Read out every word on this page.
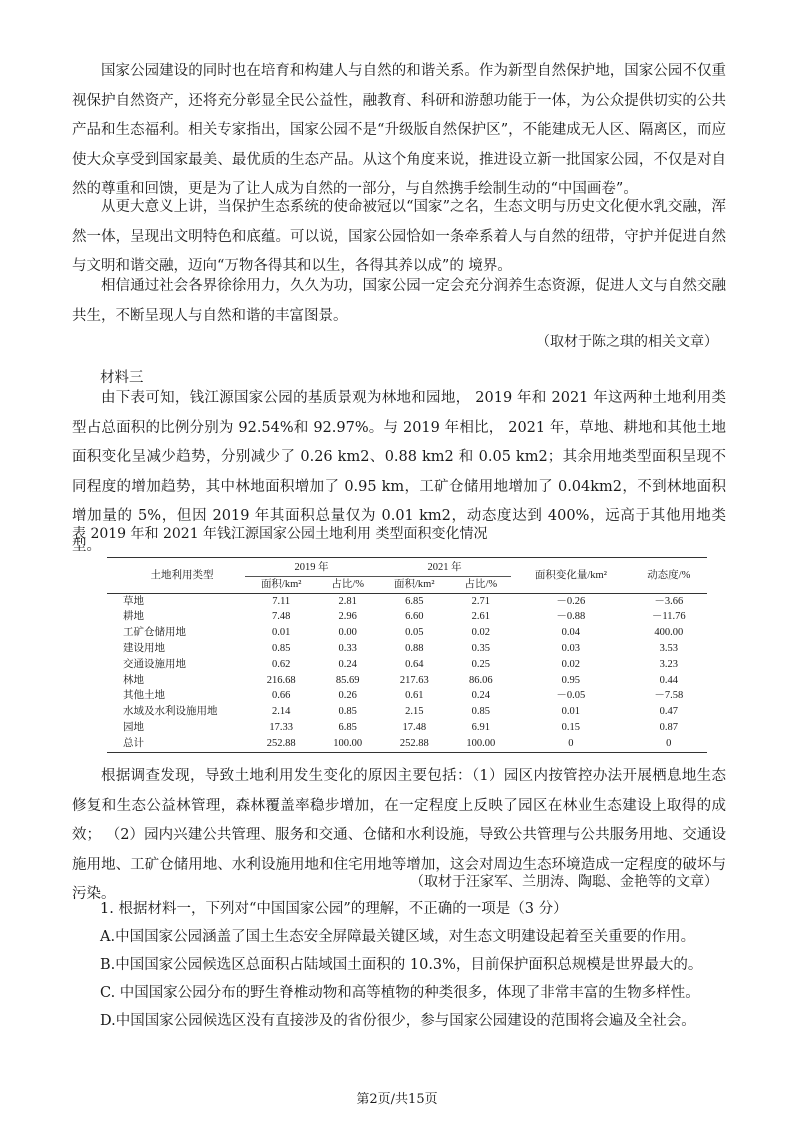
国家公园建设的同时也在培育和构建人与自然的和谐关系。作为新型自然保护地，国家公园不仅重视保护自然资产，还将充分彰显全民公益性，融教育、科研和游憩功能于一体，为公众提供切实的公共产品和生态福利。相关专家指出，国家公园不是“升级版自然保护区”，不能建成无人区、隔离区，而应使大众享受到国家最美、最优质的生态产品。从这个角度来说，推进设立新一批国家公园，不仅是对自然的尊重和回馈，更是为了让人成为自然的一部分，与自然携手绘制生动的“中国画卷”。

从更大意义上讲，当保护生态系统的使命被冠以“国家”之名，生态文明与历史文化便水乳交融，浑然一体，呈现出文明特色和底蕴。可以说，国家公园恰如一条牵系着人与自然的纽带，守护并促进自然与文明和谐交融，迈向“万物各得其和以生，各得其养以成”的 境界。

相信通过社会各界徐徐用力，久久为功，国家公园一定会充分润养生态资源，促进人文与自然交融共生，不断呈现人与自然和谐的丰富图景。

（取材于陈之琪的相关文章）
材料三

由下表可知，钱江源国家公园的基质景观为林地和园地， 2019 年和 2021 年这两种土地利用类型占总面积的比例分别为 92.54%和 92.97%。与 2019 年相比， 2021 年，草地、耕地和其他土地面积变化呈减少趋势，分别减少了 0.26 km2、0.88 km2 和 0.05 km2；其余用地类型面积呈现不同程度的增加趋势，其中林地面积增加了 0.95 km，工矿仓储用地增加了 0.04km2，不到林地面积增加量的 5%，但因 2019 年其面积总量仅为 0.01 km2，动态度达到 400%，远高于其他用地类型。

表 2019 年和 2021 年钱江源国家公园土地利用 类型面积变化情况
土地利用类型	2019 年		2021 年		面积变化量/km²	动态度/%
	面积/km²	占比/%	面积/km²	占比/%		
草地	7.11	2.81	6.85	2.71	－0.26	－3.66
耕地	7.48	2.96	6.60	2.61	－0.88	－11.76
工矿仓储用地	0.01	0.00	0.05	0.02	0.04	400.00
建设用地	0.85	0.33	0.88	0.35	0.03	3.53
交通设施用地	0.62	0.24	0.64	0.25	0.02	3.23
林地	216.68	85.69	217.63	86.06	0.95	0.44
其他土地	0.66	0.26	0.61	0.24	－0.05	－7.58
水域及水利设施用地	2.14	0.85	2.15	0.85	0.01	0.47
园地	17.33	6.85	17.48	6.91	0.15	0.87
总计	252.88	100.00	252.88	100.00	0	0

根据调查发现，导致土地利用发生变化的原因主要包括：（1）园区内按管控办法开展栖息地生态修复和生态公益林管理，森林覆盖率稳步增加，在一定程度上反映了园区在林业生态建设上取得的成效； （2）园内兴建公共管理、服务和交通、仓储和水利设施，导致公共管理与公共服务用地、交通设施用地、工矿仓储用地、水利设施用地和住宅用地等增加，这会对周边生态环境造成一定程度的破坏与污染。

（取材于汪家军、兰朋涛、陶聪、金艳等的文章）
1. 根据材料一，下列对“中国国家公园”的理解，不正确的一项是（3 分）
A.中国国家公园涵盖了国土生态安全屏障最关键区域，对生态文明建设起着至关重要的作用。
B.中国国家公园候选区总面积占陆域国土面积的 10.3%，目前保护面积总规模是世界最大的。
C. 中国国家公园分布的野生脊椎动物和高等植物的种类很多，体现了非常丰富的生物多样性。
D.中国国家公园候选区没有直接涉及的省份很少，参与国家公园建设的范围将会遍及全社会。
第2页/共15页
